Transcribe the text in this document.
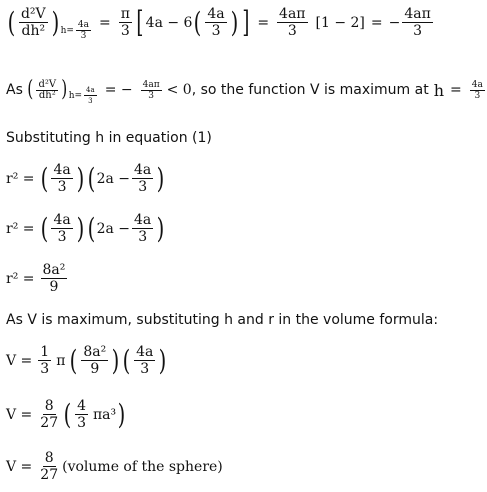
( $\frac{\text{d²V}}{\text{dh²}}$ ) $h= \frac{4a}{3} = \frac{\pi}{3}$ [ 4a − 6 ( $\frac{4a}{3}$ ) ] = $\frac{4a\pi}{3} [1 - 2]$ = − $\frac{4a\pi}{3}$
As ( $\frac{\text{d²V}}{\text{dh²}}$ ) $h= \frac{4a}{3}$ = − $\frac{4a\pi}{3} < 0$ , so the function V is maximum at $h = \frac{4a}{3}$
Substituting h in equation (1)
r² = ( $\frac{4a}{3}$ ) ( $2a - \frac{4a}{3}$ )
r² = ( $\frac{4a}{3}$ ) ( $2a - \frac{4a}{3}$ )
$r^2 = \frac{\text{8a²}}{9}$
As V is maximum, substituting h and r in the volume formula:
$V = \frac{1}{3}$ π ( $\frac{\text{8a²}}{9}$ ) ( $\frac{4a}{3}$ )
$V = \frac{8}{27}$ ( $\frac{4}{3} \pi a^3$ )
$V = \frac{8}{27}$ (volume of the sphere)
